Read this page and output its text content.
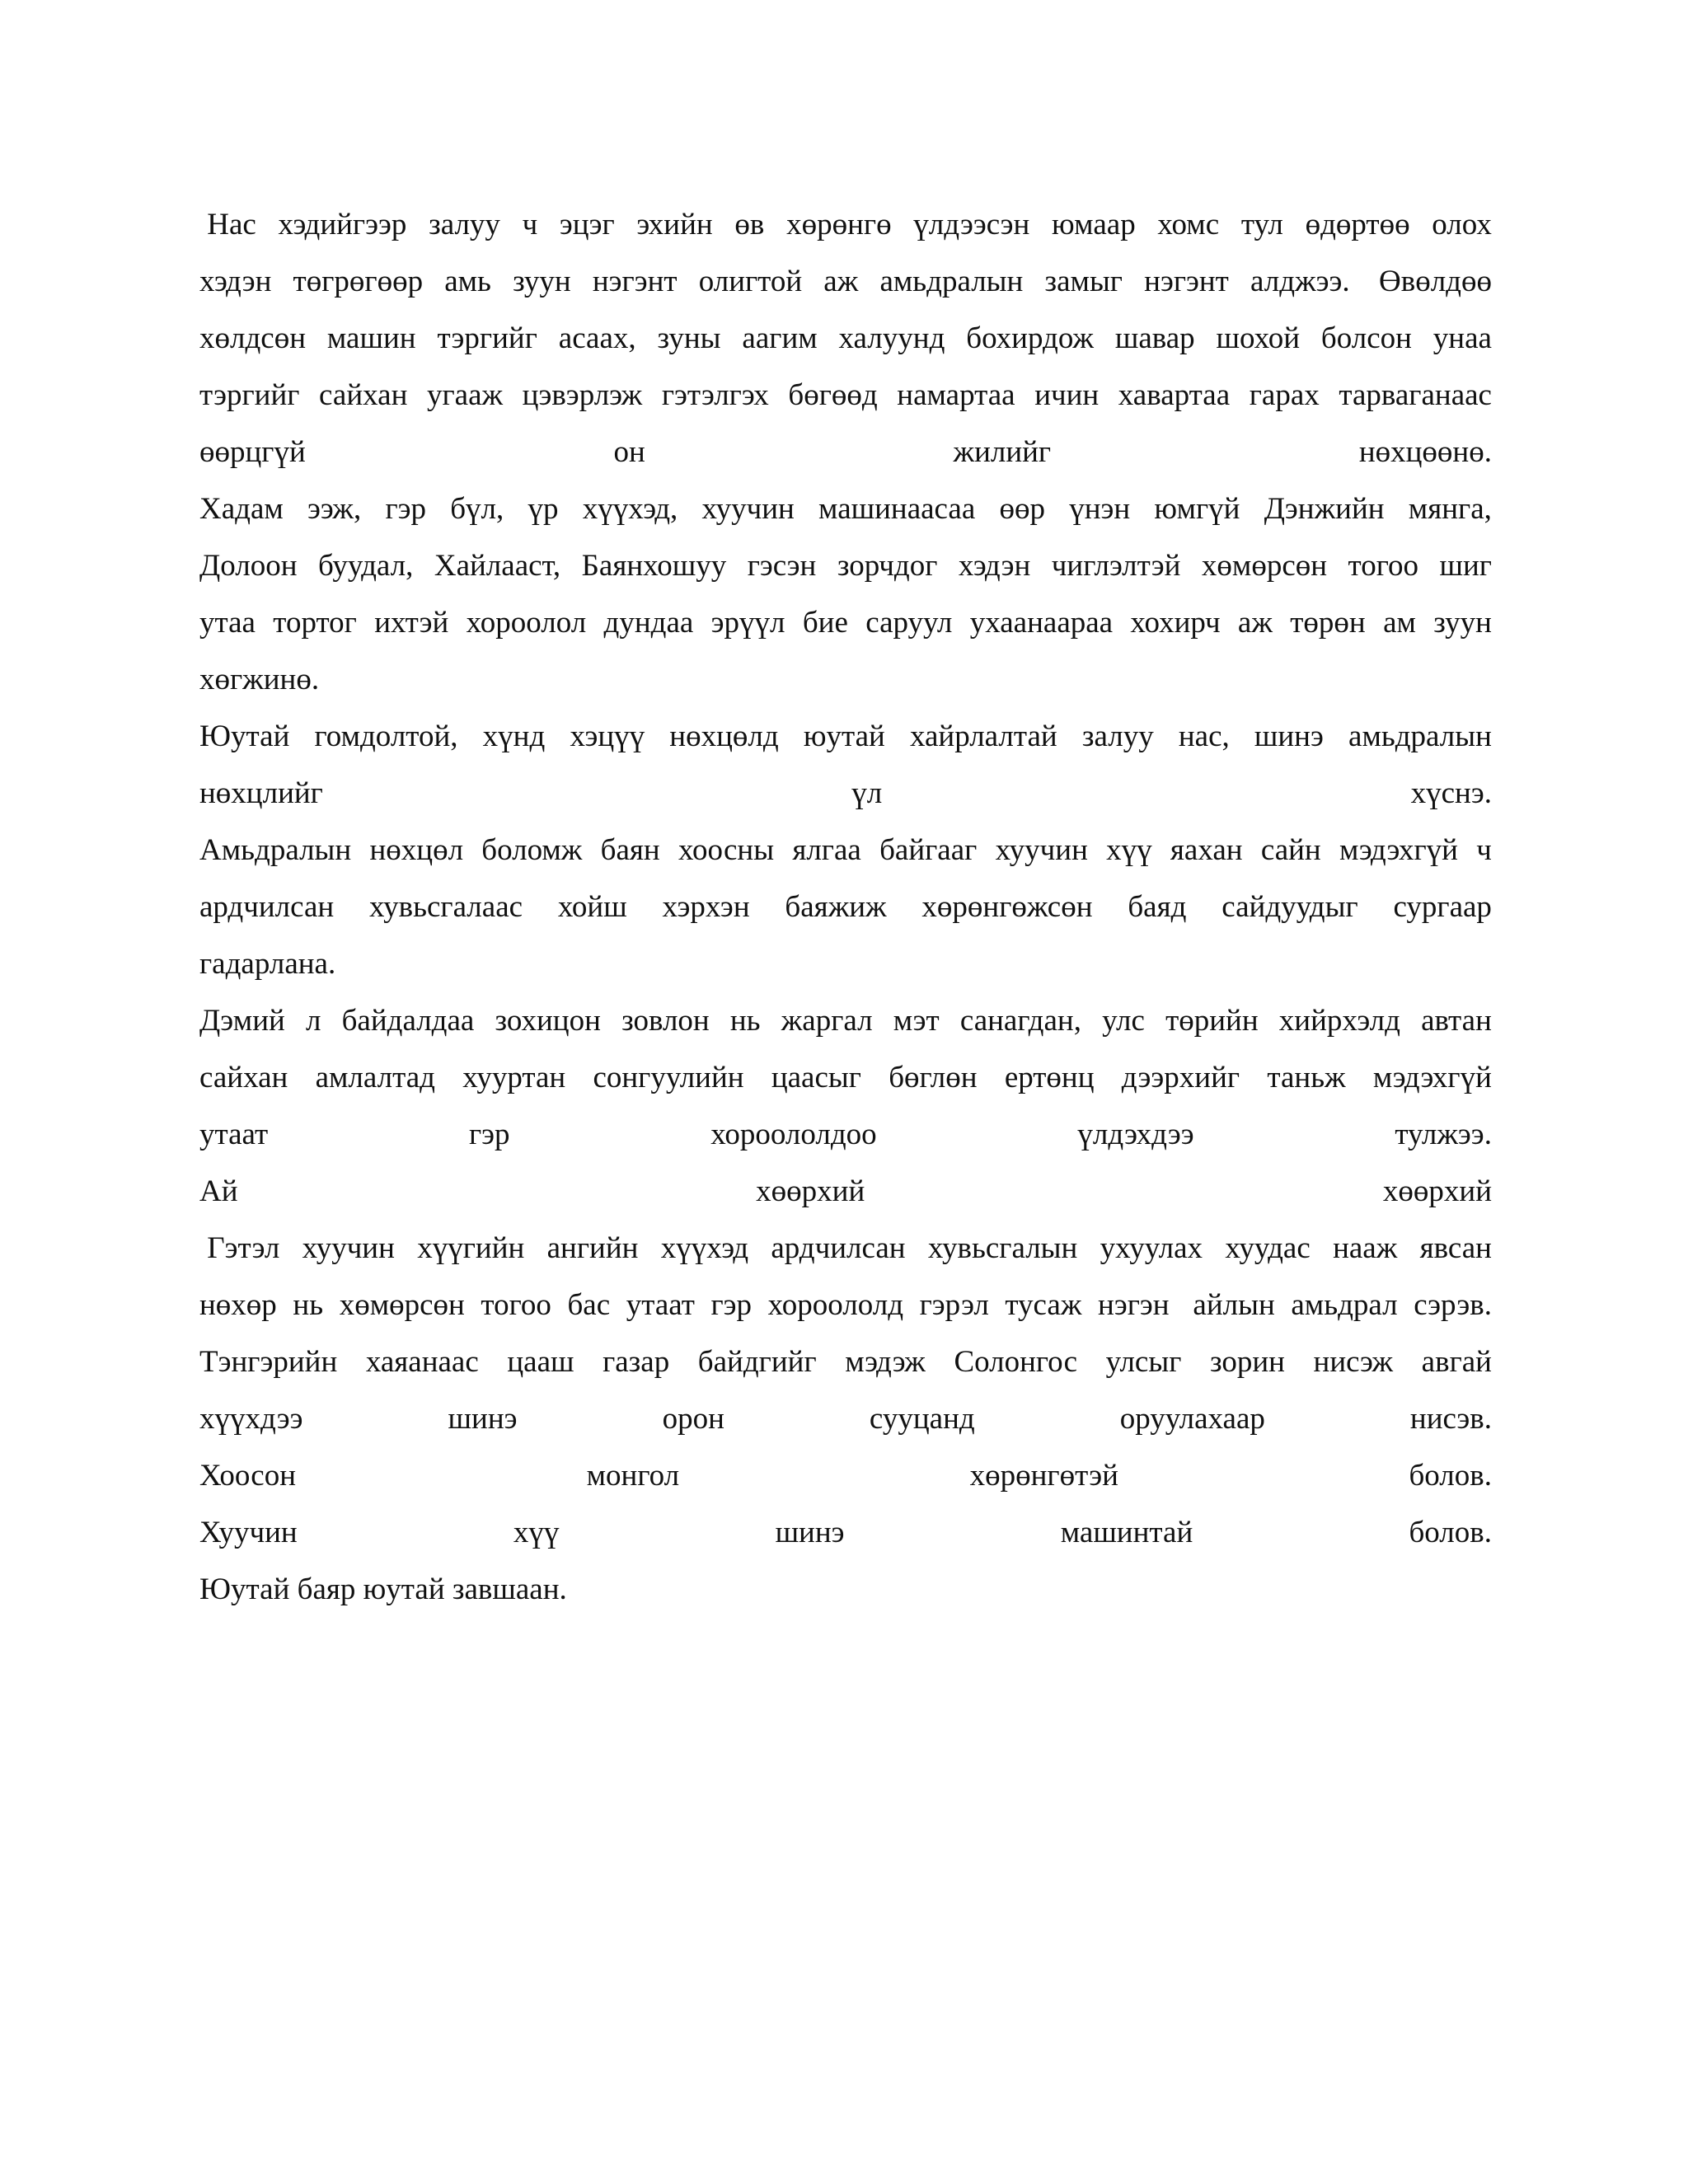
Нас хэдийгээр залуу ч эцэг эхийн өв хөрөнгө үлдээсэн юмаар хомс тул өдөртөө олох
хэдэн төгрөгөөр амь зуун нэгэнт олигтой аж амьдралын замыг нэгэнт алджээ. Өвөлдөө
хөлдсөн машин тэргийг асаах, зуны аагим халуунд бохирдож шавар шохой болсон унаа
тэргийг сайхан угааж цэвэрлэж гэтэлгэх бөгөөд намартаа ичин хавартаа гарах тарваганаас
өөрцгүй	он	жилийг	нөхцөөнө.
Хадам ээж, гэр бүл, үр хүүхэд, хуучин машинаасаа өөр үнэн юмгүй Дэнжийн мянга,
Долоон буудал, Хайлааст, Баянхошуу гэсэн зорчдог хэдэн чиглэлтэй хөмөрсөн тогоо шиг
утаа тортог ихтэй хороолол дундаа эрүүл бие саруул ухаанаараа хохирч аж төрөн ам зуун
хөгжинө.
Юутай гомдолтой, хүнд хэцүү нөхцөлд юутай хайрлалтай залуу нас, шинэ амьдралын
нөхцлийг	үл	хүснэ.
Амьдралын нөхцөл боломж баян хоосны ялгаа байгааг хуучин хүү яахан сайн мэдэхгүй ч
ардчилсан хувьсгалаас хойш хэрхэн баяжиж хөрөнгөжсөн баяд сайдуудыг сургаар
гадарлана.
Дэмий л байдалдаа зохицон зовлон нь жаргал мэт санагдан, улс төрийн хийрхэлд автан
сайхан амлалтад хууртан сонгуулийн цаасыг бөглөн ертөнц дээрхийг таньж мэдэхгүй
утаат	гэр	хороололдоо	үлдэхдээ	тулжээ.
Ай	хөөрхий	хөөрхий
Гэтэл хуучин хүүгийн ангийн хүүхэд ардчилсан хувьсгалын ухуулах хуудас нааж явсан
нөхөр нь хөмөрсөн тогоо бас утаат гэр хороололд гэрэл тусаж нэгэн айлын амьдрал сэрэв.
Тэнгэрийн хаяанаас цааш газар байдгийг мэдэж Солонгос улсыг зорин нисэж авгай
хүүхдээ	шинэ	орон	сууцанд	оруулахаар	нисэв.
Хоосон	монгол	хөрөнгөтэй	болов.
Хуучин	хүү	шинэ	машинтай	болов.
Юутай баяр юутай завшаан.
